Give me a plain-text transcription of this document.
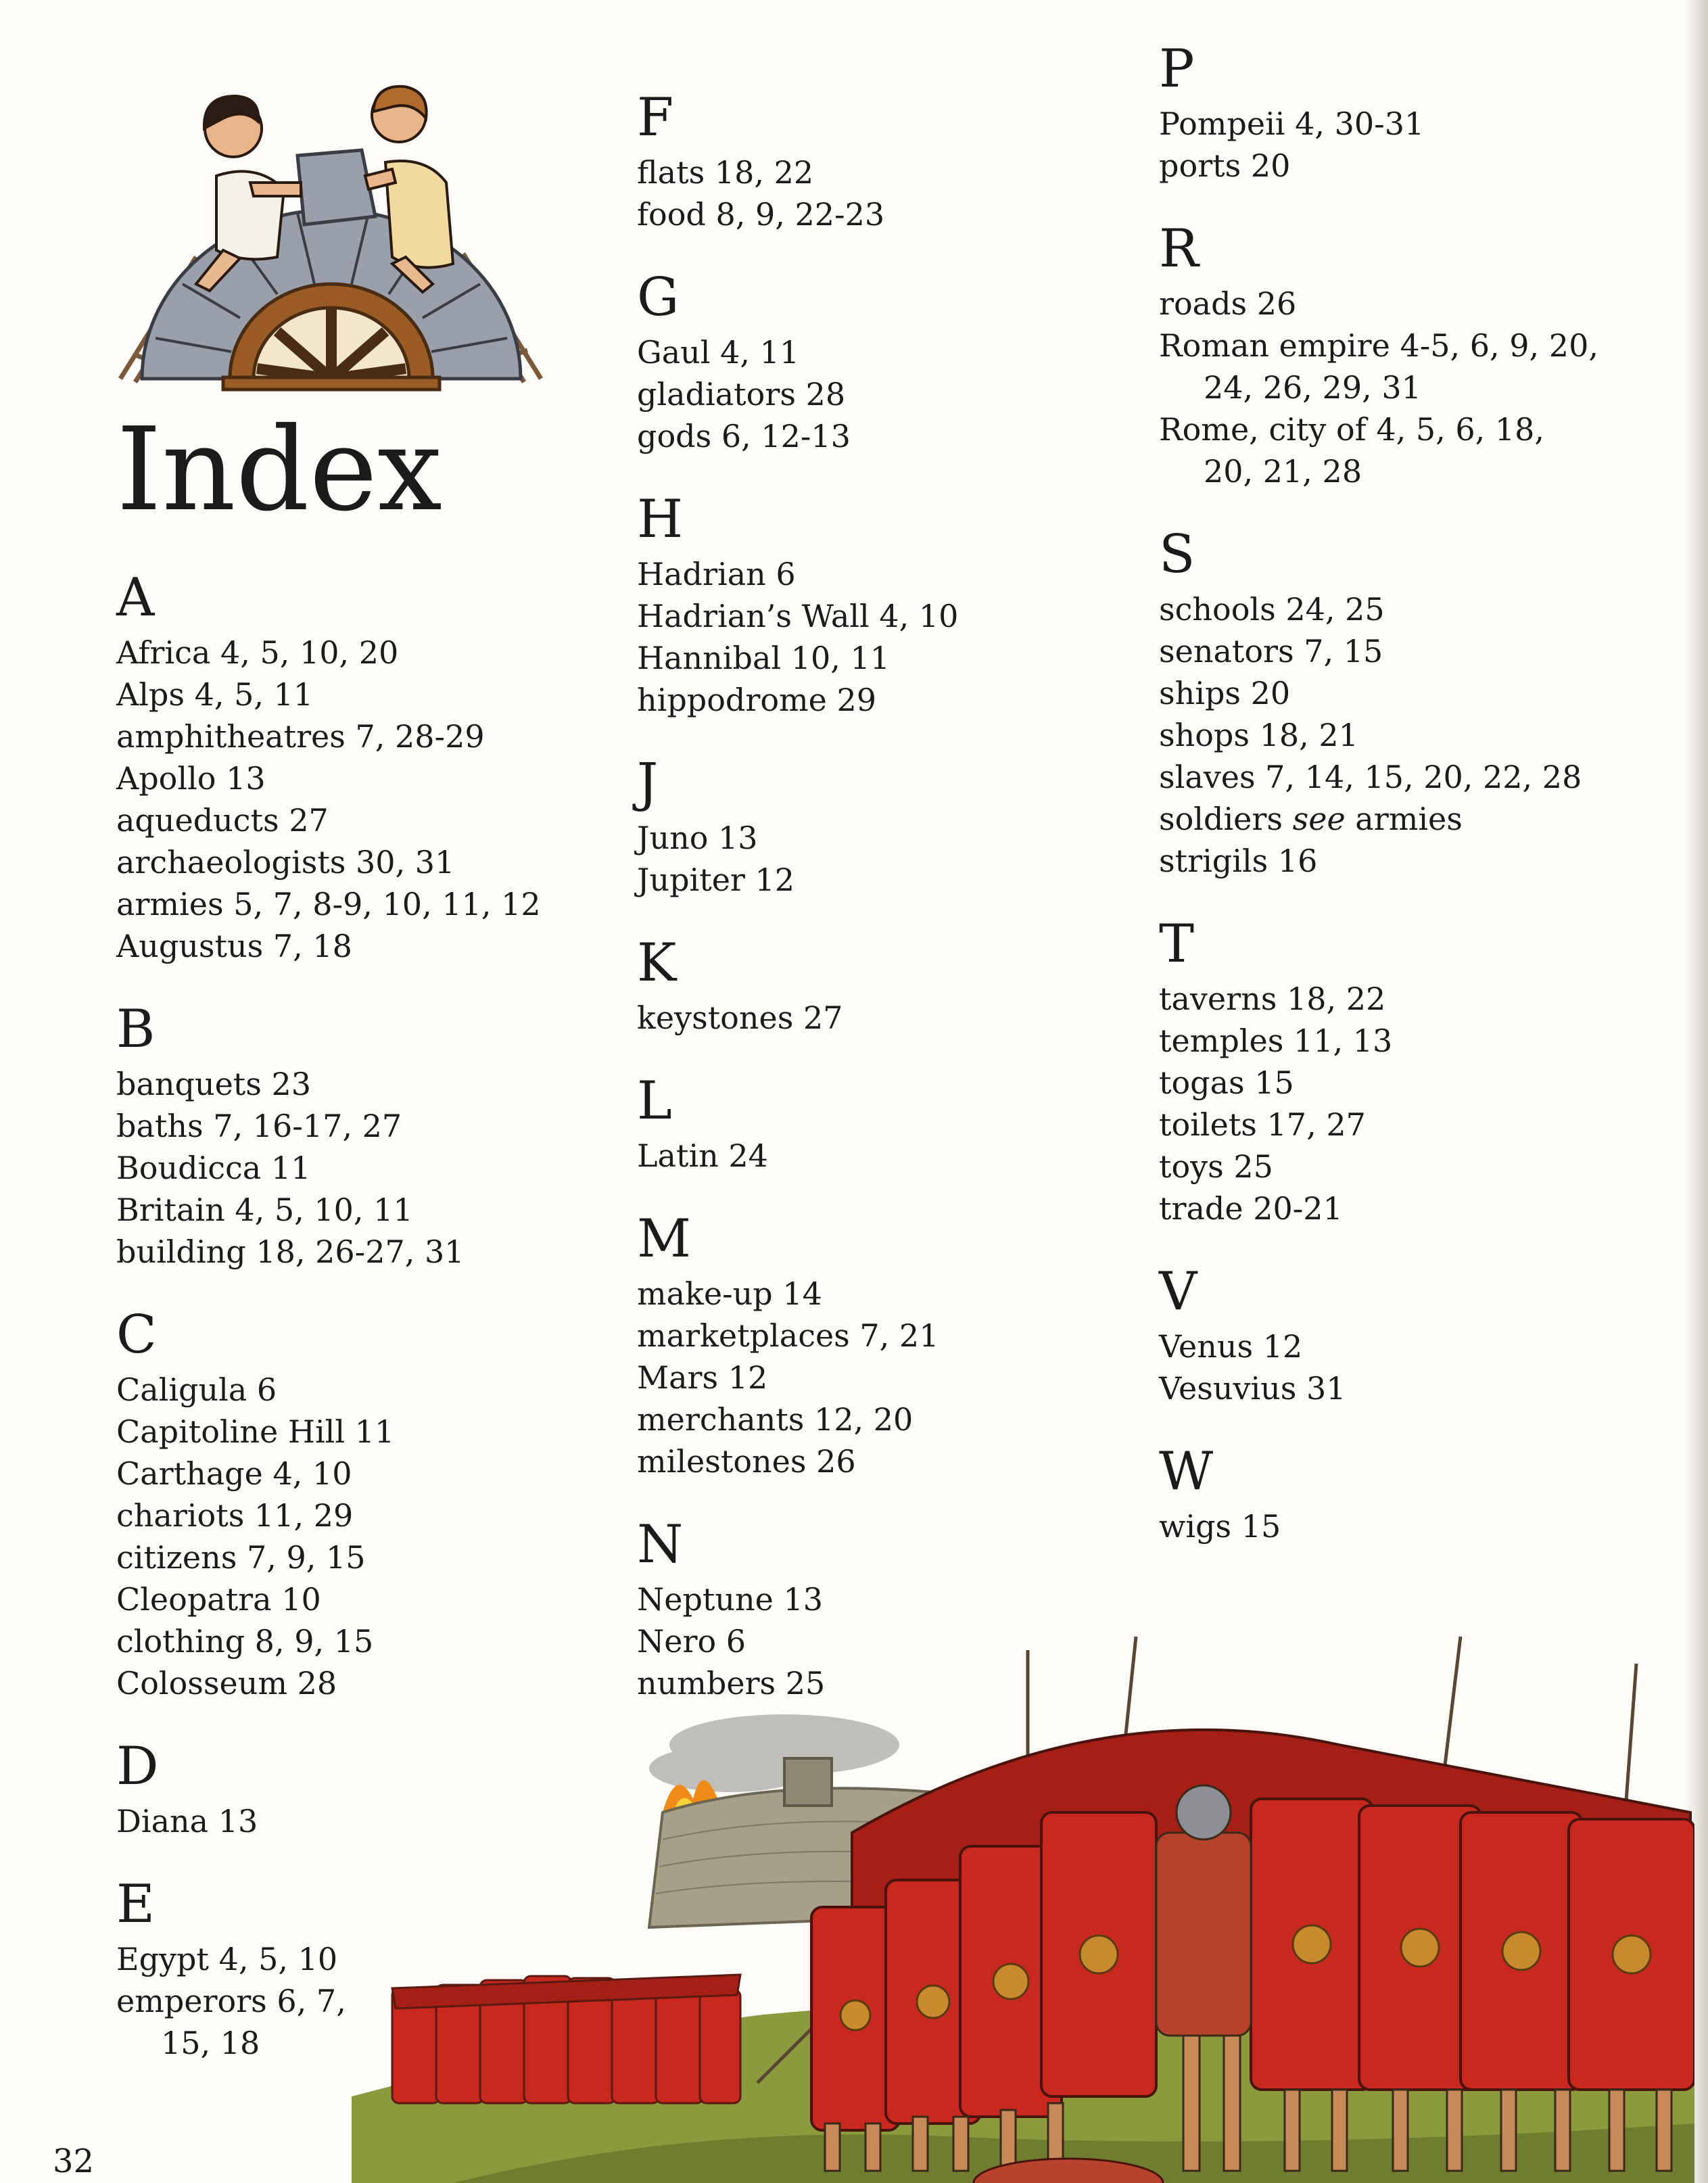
Index
A
Africa 4, 5, 10, 20
Alps 4, 5, 11
amphitheatres 7, 28-29
Apollo 13
aqueducts 27
archaeologists 30, 31
armies 5, 7, 8-9, 10, 11, 12
Augustus 7, 18
B
banquets 23
baths 7, 16-17, 27
Boudicca 11
Britain 4, 5, 10, 11
building 18, 26-27, 31
C
Caligula 6
Capitoline Hill 11
Carthage 4, 10
chariots 11, 29
citizens 7, 9, 15
Cleopatra 10
clothing 8, 9, 15
Colosseum 28
D
Diana 13
E
Egypt 4, 5, 10
emperors 6, 7,
15, 18
F
flats 18, 22
food 8, 9, 22-23
G
Gaul 4, 11
gladiators 28
gods 6, 12-13
H
Hadrian 6
Hadrian’s Wall 4, 10
Hannibal 10, 11
hippodrome 29
J
Juno 13
Jupiter 12
K
keystones 27
L
Latin 24
M
make-up 14
marketplaces 7, 21
Mars 12
merchants 12, 20
milestones 26
N
Neptune 13
Nero 6
numbers 25
P
Pompeii 4, 30-31
ports 20
R
roads 26
Roman empire 4-5, 6, 9, 20,
24, 26, 29, 31
Rome, city of 4, 5, 6, 18,
20, 21, 28
S
schools 24, 25
senators 7, 15
ships 20
shops 18, 21
slaves 7, 14, 15, 20, 22, 28
soldiers see armies
strigils 16
T
taverns 18, 22
temples 11, 13
togas 15
toilets 17, 27
toys 25
trade 20-21
V
Venus 12
Vesuvius 31
W
wigs 15
32
